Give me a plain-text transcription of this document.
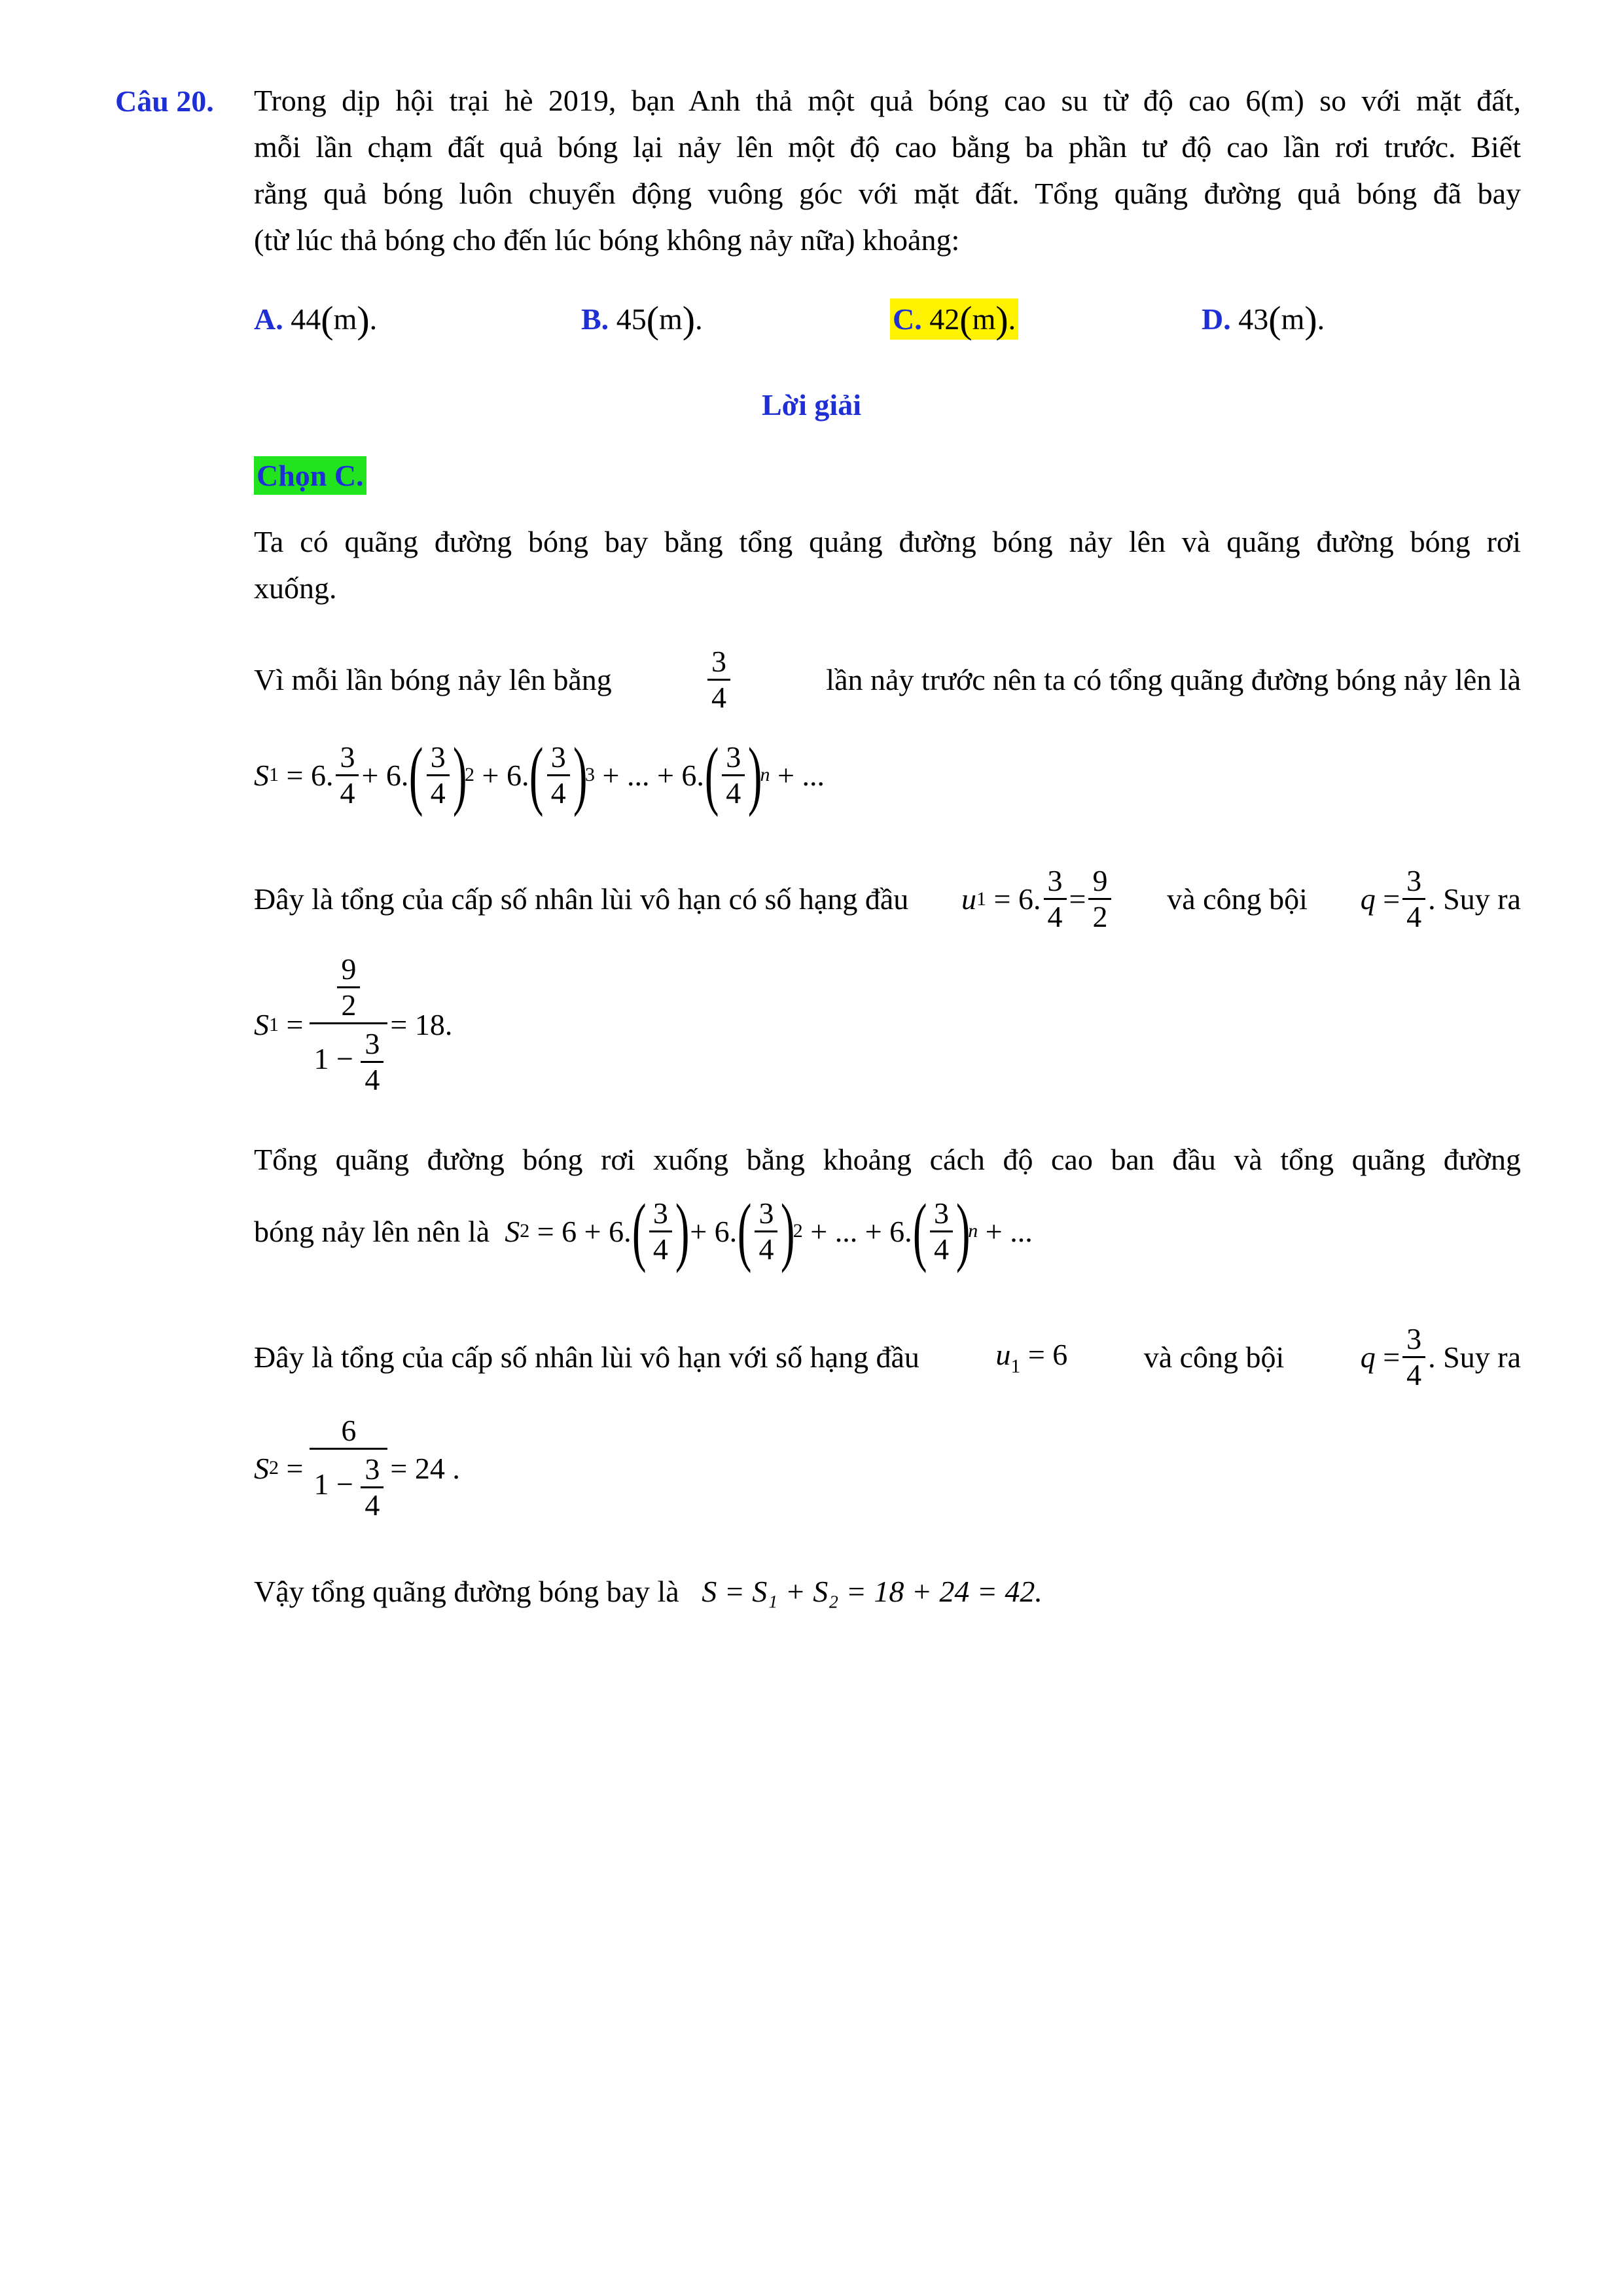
Câu 20. Trong dịp hội trại hè 2019, bạn Anh thả một quả bóng cao su từ độ cao 6(m) so với mặt đất,
mỗi lần chạm đất quả bóng lại nảy lên một độ cao bằng ba phần tư độ cao lần rơi trước. Biết
rằng quả bóng luôn chuyển động vuông góc với mặt đất. Tổng quãng đường quả bóng đã bay
(từ lúc thả bóng cho đến lúc bóng không nảy nữa) khoảng:
A. 44(m).	B. 45(m).	C. 42(m).	D. 43(m).
Lời giải
Chọn C.
Ta có quãng đường bóng bay bằng tổng quảng đường bóng nảy lên và quãng đường bóng rơi
xuống.
Vì mỗi lần bóng nảy lên bằng	$\frac{3}{4}$	lần nảy trước nên ta có tổng quãng đường bóng nảy lên là
S 1 = 6. $\frac{3}{4} + 6$. ( $\frac{3}{4}$ )
2 + 6. ( $\frac{3}{4}$ )
3 + ... + 6. ( $\frac{3}{4}$ )
n + ...
Đây là tổng của cấp số nhân lùi vô hạn có số hạng đầu u 1 = 6. $\frac{3}{4} = \frac{9}{2}$ và công bội $q = \frac{3}{4}$ . Suy ra
S $1 = \frac{\frac{9}{2}}{1 - \frac{3}{4}} = 18$.
Tổng quãng đường bóng rơi xuống bằng khoảng cách độ cao ban đầu và tổng quãng đường
bóng nảy lên nên là
S 2 = 6 + 6. ( $\frac{3}{4}$ ) + 6. ( $\frac{3}{4}$ )
2 + ... + 6. ( $\frac{3}{4}$ )
n + ...
Đây là tổng của cấp số nhân lùi vô hạn với số hạng đầu	$u_1 = 6$	và công bội	$q = \frac{3}{4}$ . Suy ra
S $2 = \frac{6}{1 - \frac{3}{4}} = 24$ .
Vậy tổng quãng đường bóng bay là S = S₁ + S₂ = 18 + 24 = 42.
